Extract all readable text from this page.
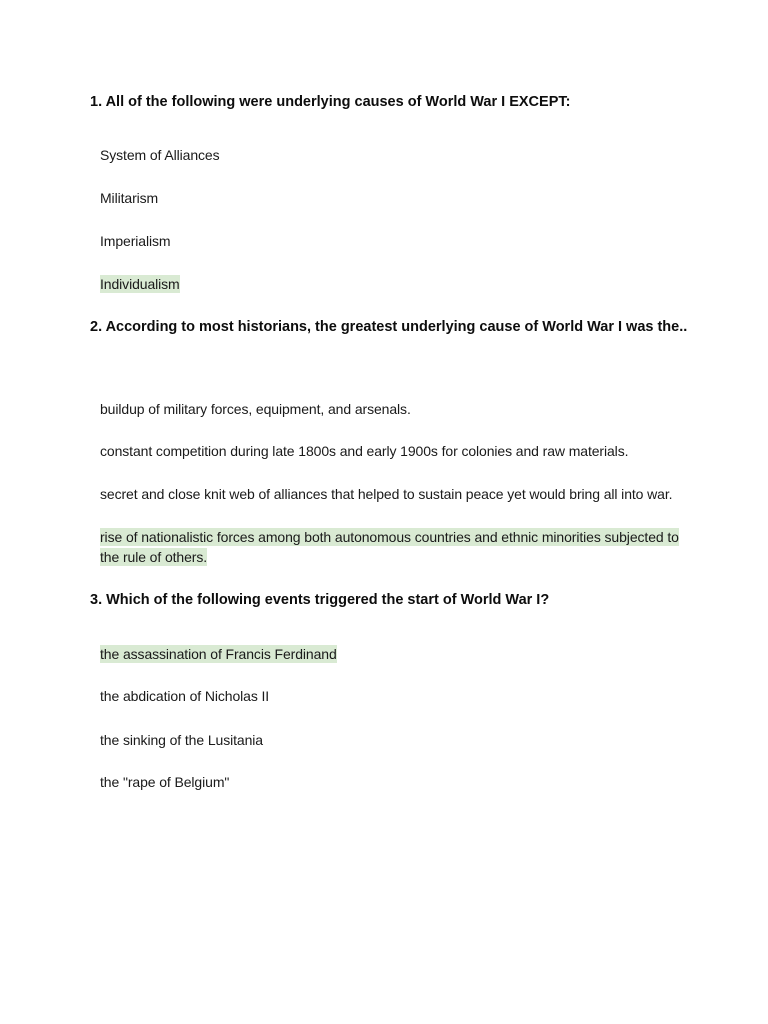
1. All of the following were underlying causes of World War I EXCEPT:

System of Alliances

Militarism

Imperialism

Individualism

2. According to most historians, the greatest underlying cause of World War I was the..

buildup of military forces, equipment, and arsenals.

constant competition during late 1800s and early 1900s for colonies and raw materials.

secret and close knit web of alliances that helped to sustain peace yet would bring all into war.

rise of nationalistic forces among both autonomous countries and ethnic minorities subjected to the rule of others.

3. Which of the following events triggered the start of World War I?

the assassination of Francis Ferdinand

the abdication of Nicholas II

the sinking of the Lusitania

the "rape of Belgium"
